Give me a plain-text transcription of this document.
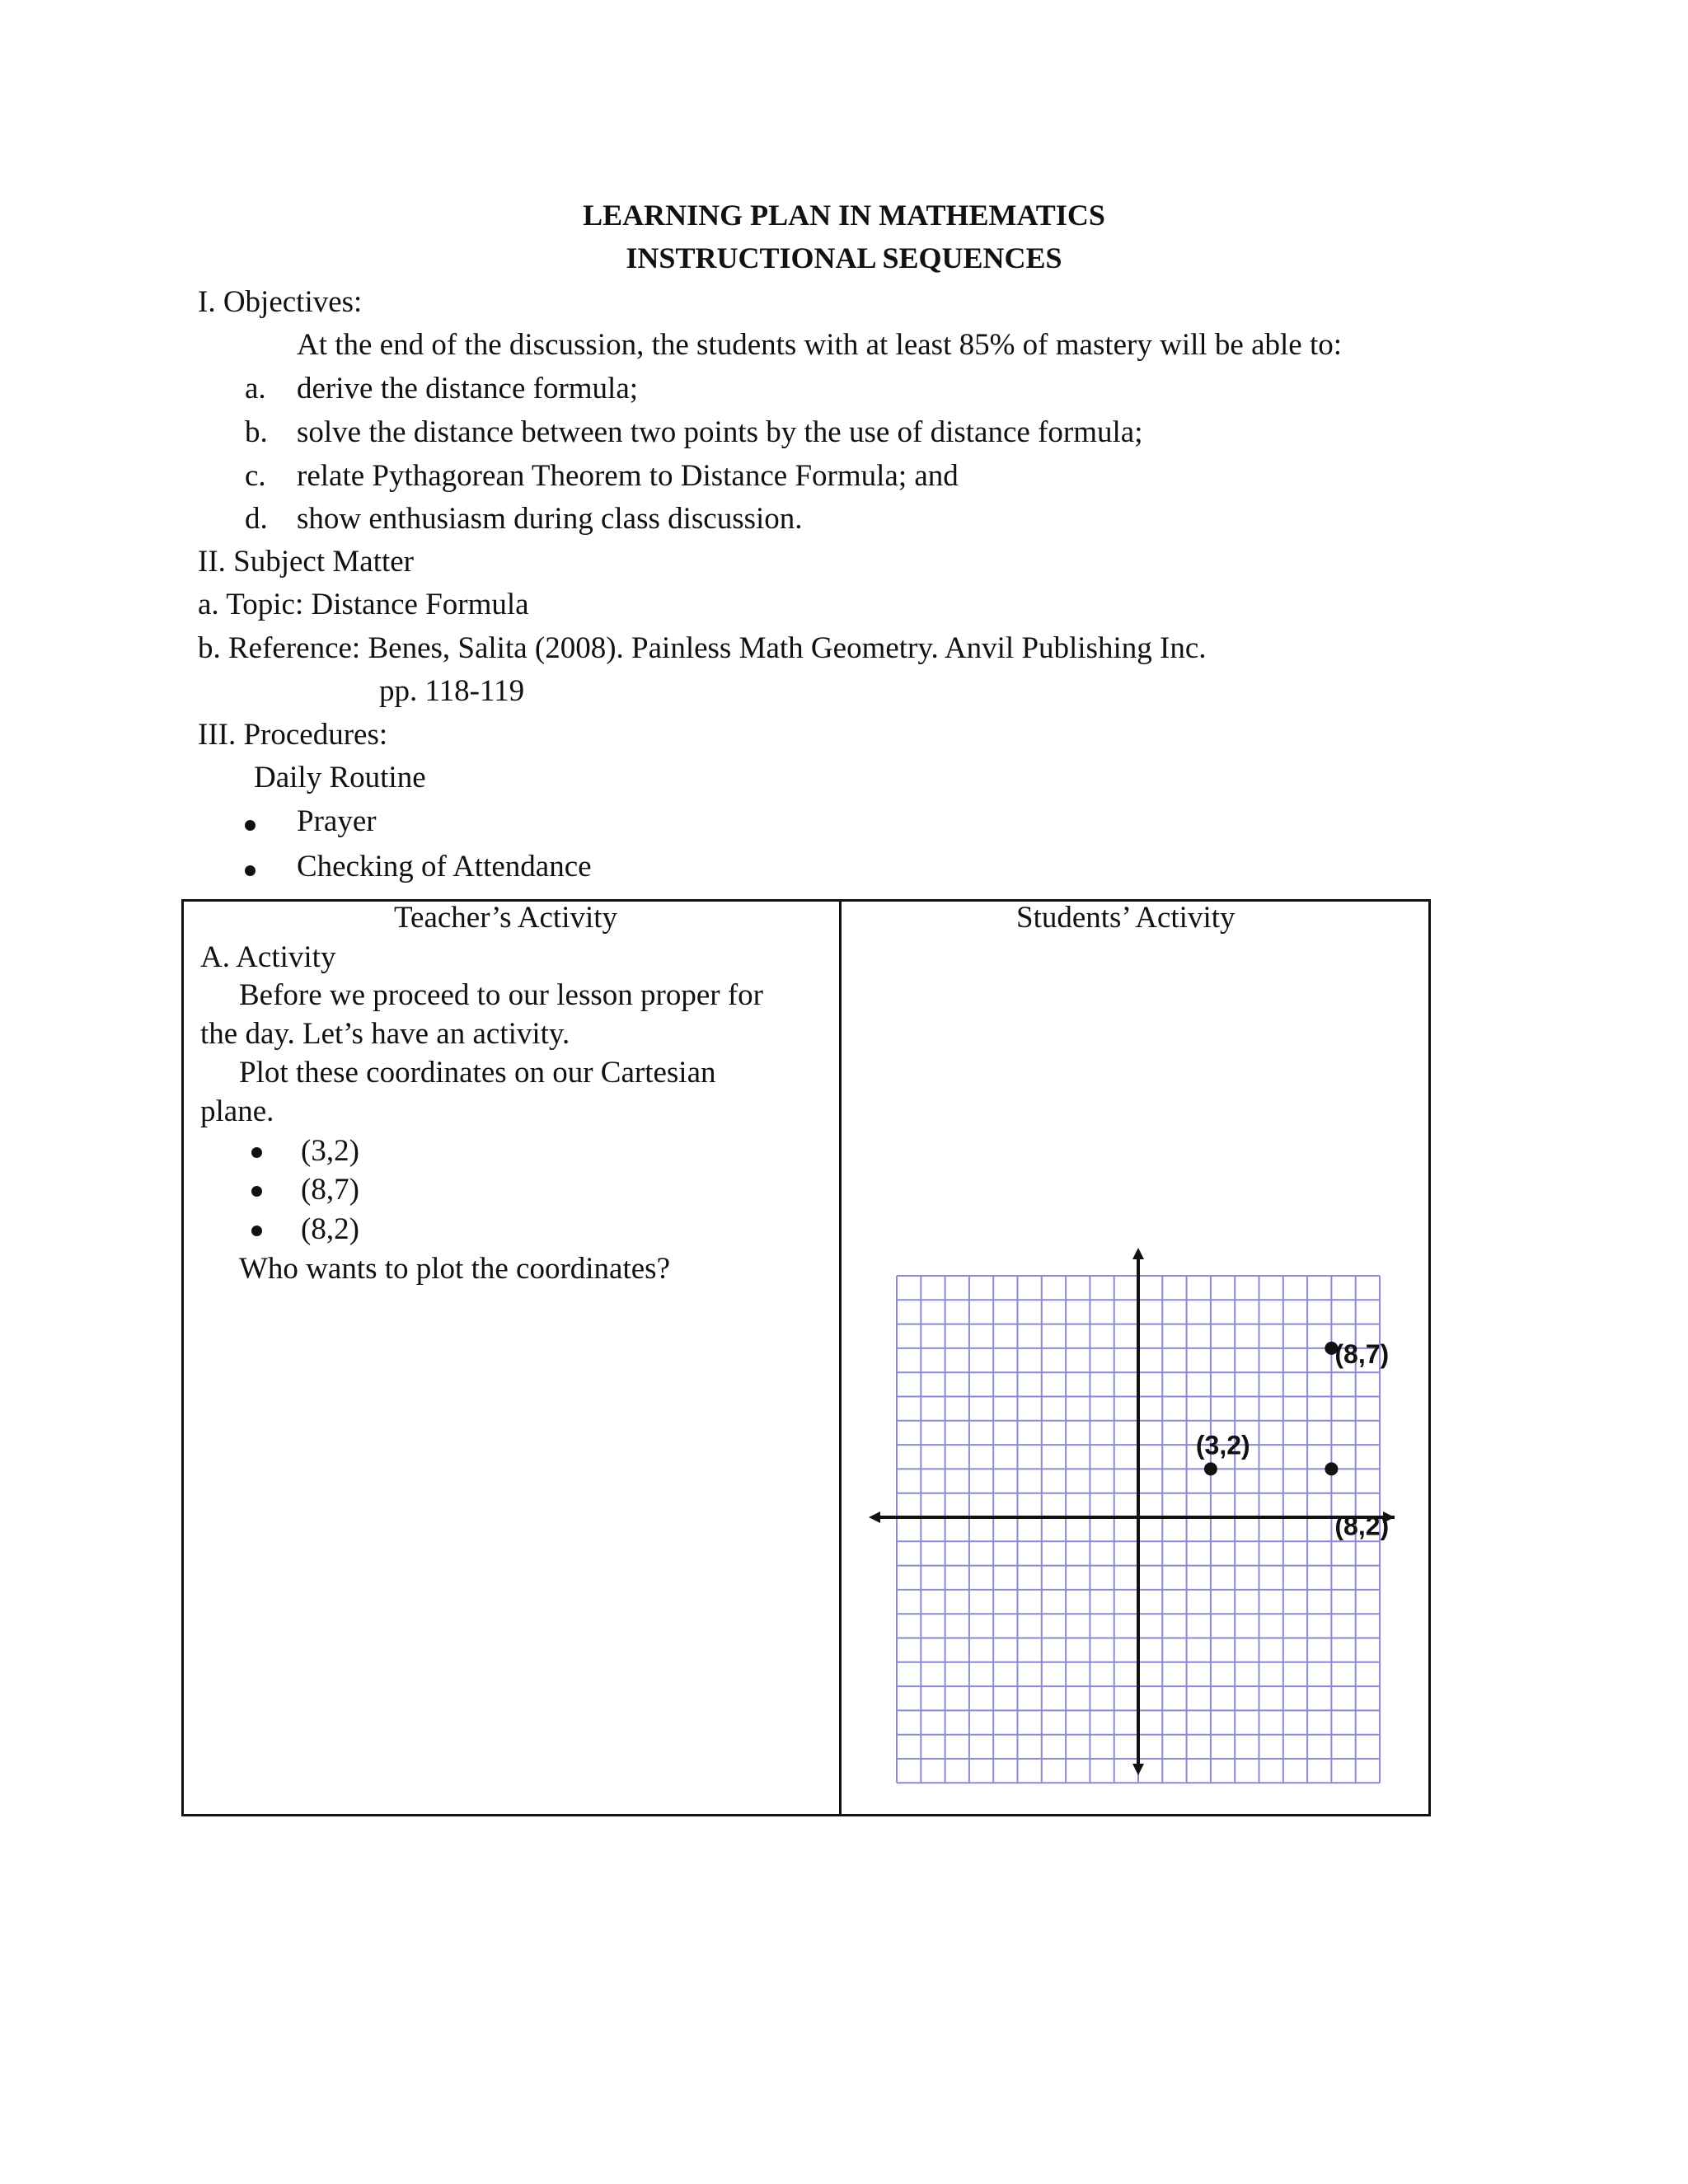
LEARNING PLAN IN MATHEMATICS
INSTRUCTIONAL SEQUENCES
I. Objectives:
At the end of the discussion, the students with at least 85% of mastery will be able to:
a. derive the distance formula;
b. solve the distance between two points by the use of distance formula;
c. relate Pythagorean Theorem to Distance Formula; and
d. show enthusiasm during class discussion.
II. Subject Matter
a. Topic: Distance Formula
b. Reference: Benes, Salita (2008). Painless Math Geometry. Anvil Publishing Inc.
pp. 118-119
III. Procedures:
Daily Routine
Prayer
Checking of Attendance
Teacher’s Activity	Students’ Activity
A. Activity
Before we proceed to our lesson proper for
the day. Let’s have an activity.
Plot these coordinates on our Cartesian
plane.
(3,2)
(8,7)
(8,2)
Who wants to plot the coordinates?
(3,2)
(8,7)
(8,2)
